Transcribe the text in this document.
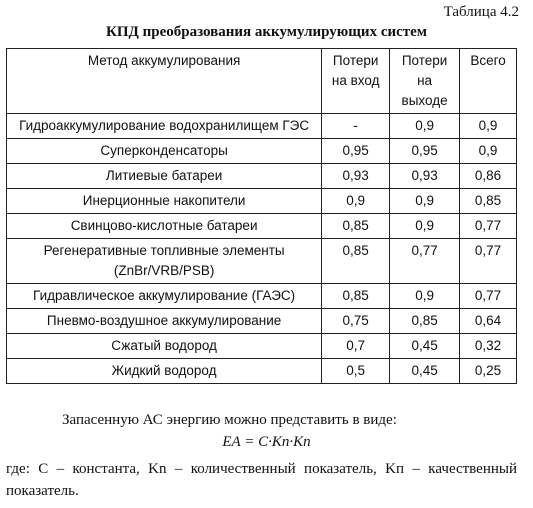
Таблица 4.2
КПД преобразования аккумулирующих систем
Метод аккумулирования	Потери на вход	Потери на выходе	Всего
Гидроаккумулирование водохранилищем ГЭС	-	0,9	0,9
Суперконденсаторы	0,95	0,95	0,9
Литиевые батареи	0,93	0,93	0,86
Инерционные накопители	0,9	0,9	0,85
Свинцово-кислотные батареи	0,85	0,9	0,77
Регенеративные топливные элементы (ZnBr/VRB/PSB)	0,85	0,77	0,77
Гидравлическое аккумулирование (ГАЭС)	0,85	0,9	0,77
Пневмо-воздушное аккумулирование	0,75	0,85	0,64
Сжатый водород	0,7	0,45	0,32
Жидкий водород	0,5	0,45	0,25
Запасенную АС энергию можно представить в виде:
EA = C·Kn·Kп
где: C – константа, Kn – количественный показатель, Kп – качественный показатель.
